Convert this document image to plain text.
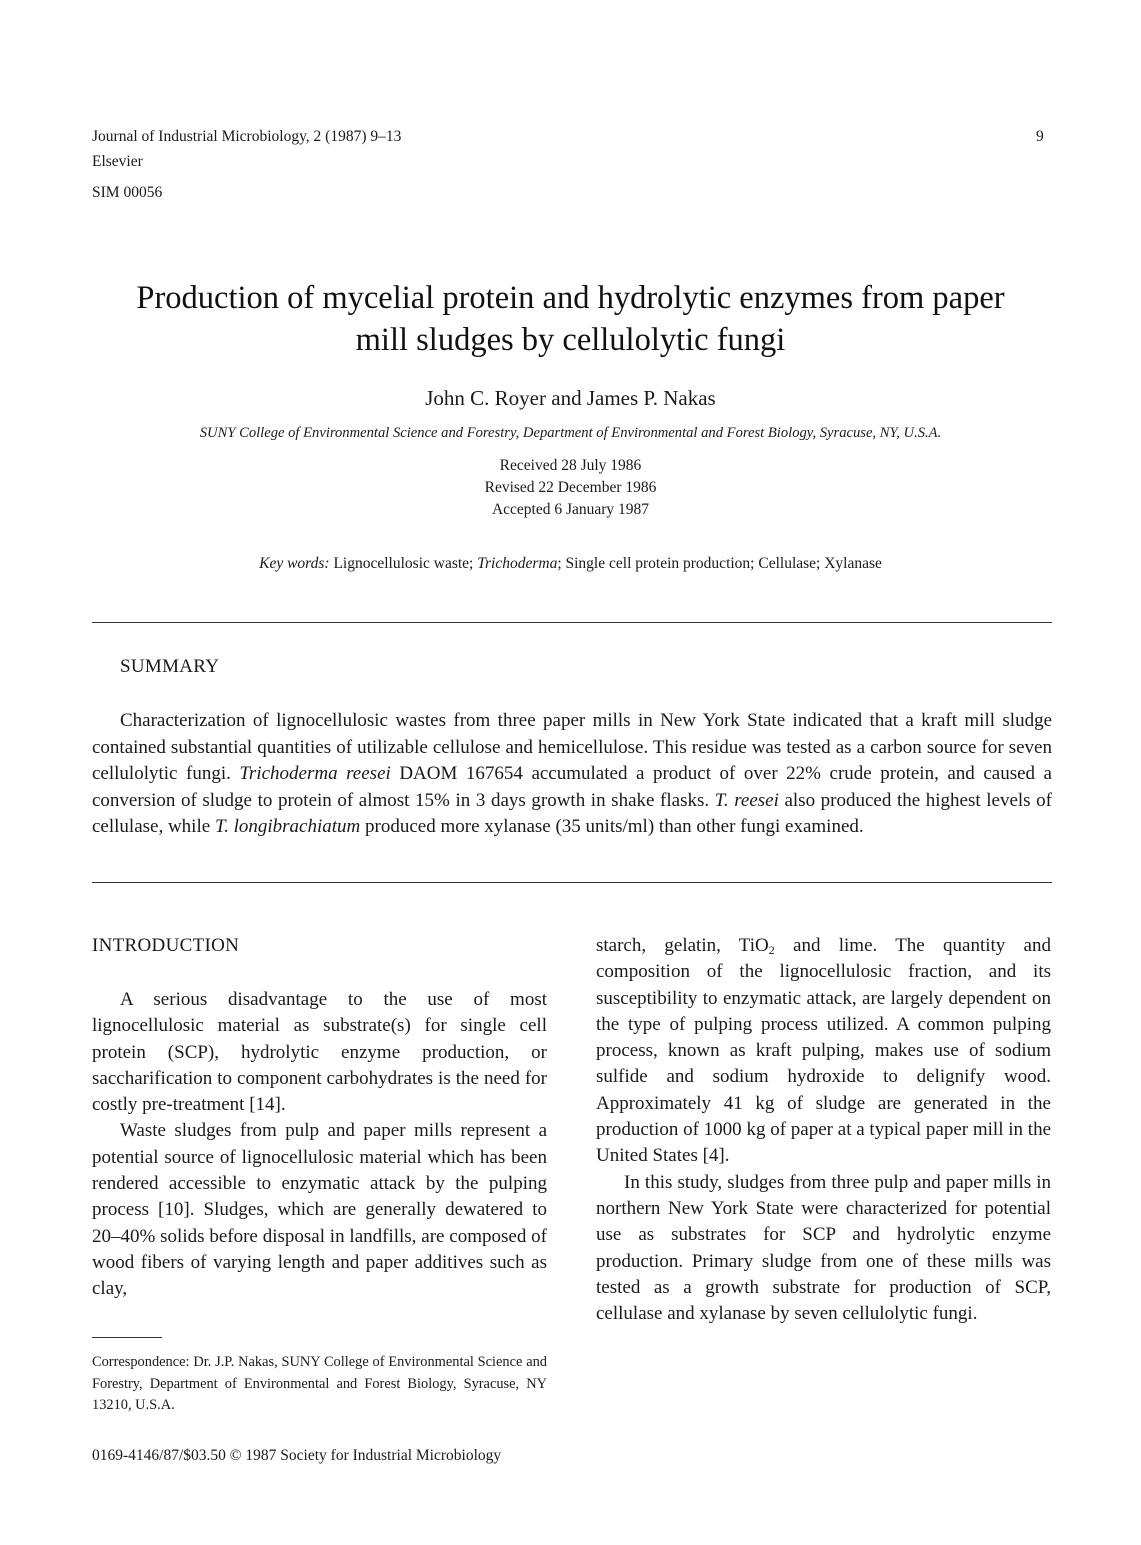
Journal of Industrial Microbiology, 2 (1987) 9–13
Elsevier
SIM 00056
9
Production of mycelial protein and hydrolytic enzymes from paper
mill sludges by cellulolytic fungi
John C. Royer and James P. Nakas
SUNY College of Environmental Science and Forestry, Department of Environmental and Forest Biology, Syracuse, NY, U.S.A.
Received 28 July 1986
Revised 22 December 1986
Accepted 6 January 1987
Key words: Lignocellulosic waste; Trichoderma; Single cell protein production; Cellulase; Xylanase
SUMMARY

Characterization of lignocellulosic wastes from three paper mills in New York State indicated that a kraft mill sludge contained substantial quantities of utilizable cellulose and hemicellulose. This residue was tested as a carbon source for seven cellulolytic fungi. Trichoderma reesei DAOM 167654 accumulated a product of over 22% crude protein, and caused a conversion of sludge to protein of almost 15% in 3 days growth in shake flasks. T. reesei also produced the highest levels of cellulase, while T. longibrachiatum produced more xylanase (35 units/ml) than other fungi examined.

INTRODUCTION

A serious disadvantage to the use of most lignocellulosic material as substrate(s) for single cell protein (SCP), hydrolytic enzyme production, or saccharification to component carbohydrates is the need for costly pre-treatment [14].

Waste sludges from pulp and paper mills represent a potential source of lignocellulosic material which has been rendered accessible to enzymatic attack by the pulping process [10]. Sludges, which are generally dewatered to 20–40% solids before disposal in landfills, are composed of wood fibers of varying length and paper additives such as clay,

Correspondence: Dr. J.P. Nakas, SUNY College of Environmental Science and Forestry, Department of Environmental and Forest Biology, Syracuse, NY 13210, U.S.A.

0169-4146/87/$03.50 © 1987 Society for Industrial Microbiology

starch, gelatin, TiO$_2$ and lime. The quantity and composition of the lignocellulosic fraction, and its susceptibility to enzymatic attack, are largely dependent on the type of pulping process utilized. A common pulping process, known as kraft pulping, makes use of sodium sulfide and sodium hydroxide to delignify wood. Approximately 41 kg of sludge are generated in the production of 1000 kg of paper at a typical paper mill in the United States [4].

In this study, sludges from three pulp and paper mills in northern New York State were characterized for potential use as substrates for SCP and hydrolytic enzyme production. Primary sludge from one of these mills was tested as a growth substrate for production of SCP, cellulase and xylanase by seven cellulolytic fungi.
